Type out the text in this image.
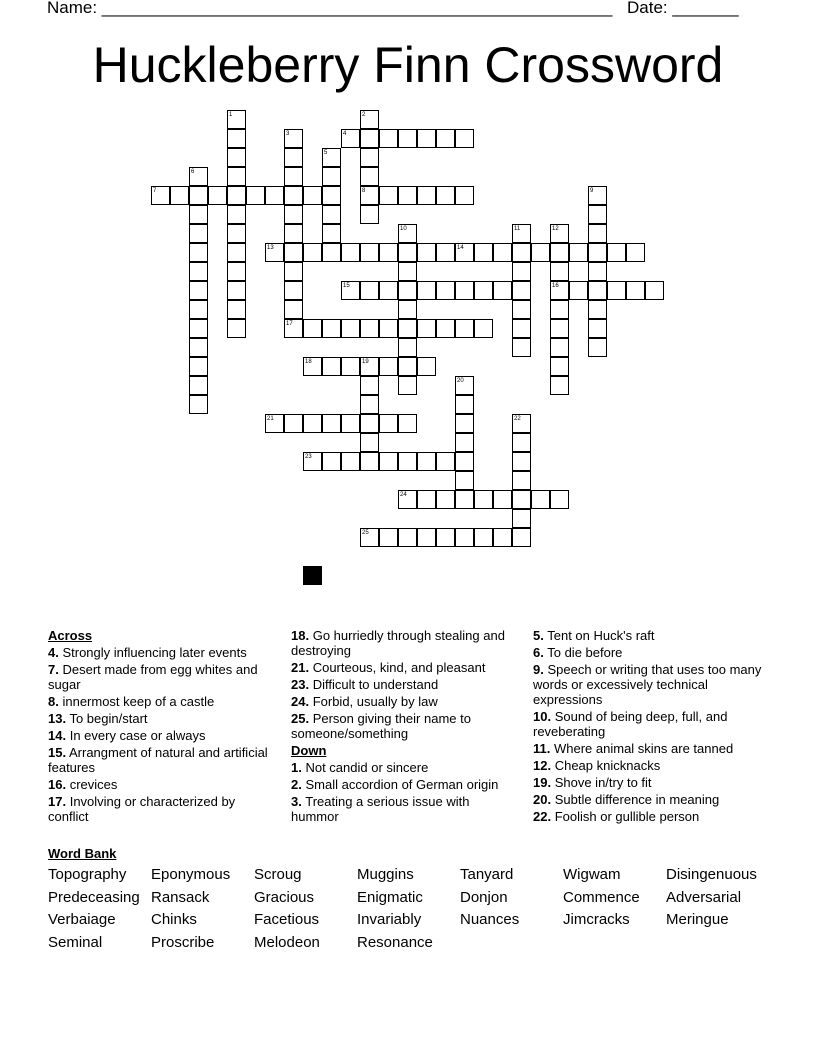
Name: ______________________________________________________ Date: _______
Huckleberry Finn Crossword
1	2
3	4
5
6
7	8	9
10	11	12
13	14
15	16
17
18	19
20
21	22
23
24
25
Across
4. Strongly influencing later events
7. Desert made from egg whites and sugar
8. innermost keep of a castle
13. To begin/start
14. In every case or always
15. Arrangment of natural and artificial features
16. crevices
17. Involving or characterized by conflict
18. Go hurriedly through stealing and destroying
21. Courteous, kind, and pleasant
23. Difficult to understand
24. Forbid, usually by law
25. Person giving their name to someone/something
Down
1. Not candid or sincere
2. Small accordion of German origin
3. Treating a serious issue with hummor
5. Tent on Huck's raft
6. To die before
9. Speech or writing that uses too many words or excessively technical expressions
10. Sound of being deep, full, and reveberating
11. Where animal skins are tanned
12. Cheap knicknacks
19. Shove in/try to fit
20. Subtle difference in meaning
22. Foolish or gullible person
Word Bank
Topography Eponymous Scroug	Muggins	Tanyard	Wigwam	Disingenuous
Predeceasing Ransack	Gracious	Enigmatic Donjon	Commence Adversarial
Verbaiage Chinks	Facetious	Invariably	Nuances	Jimcracks Meringue
Seminal	Proscribe	Melodeon Resonance
